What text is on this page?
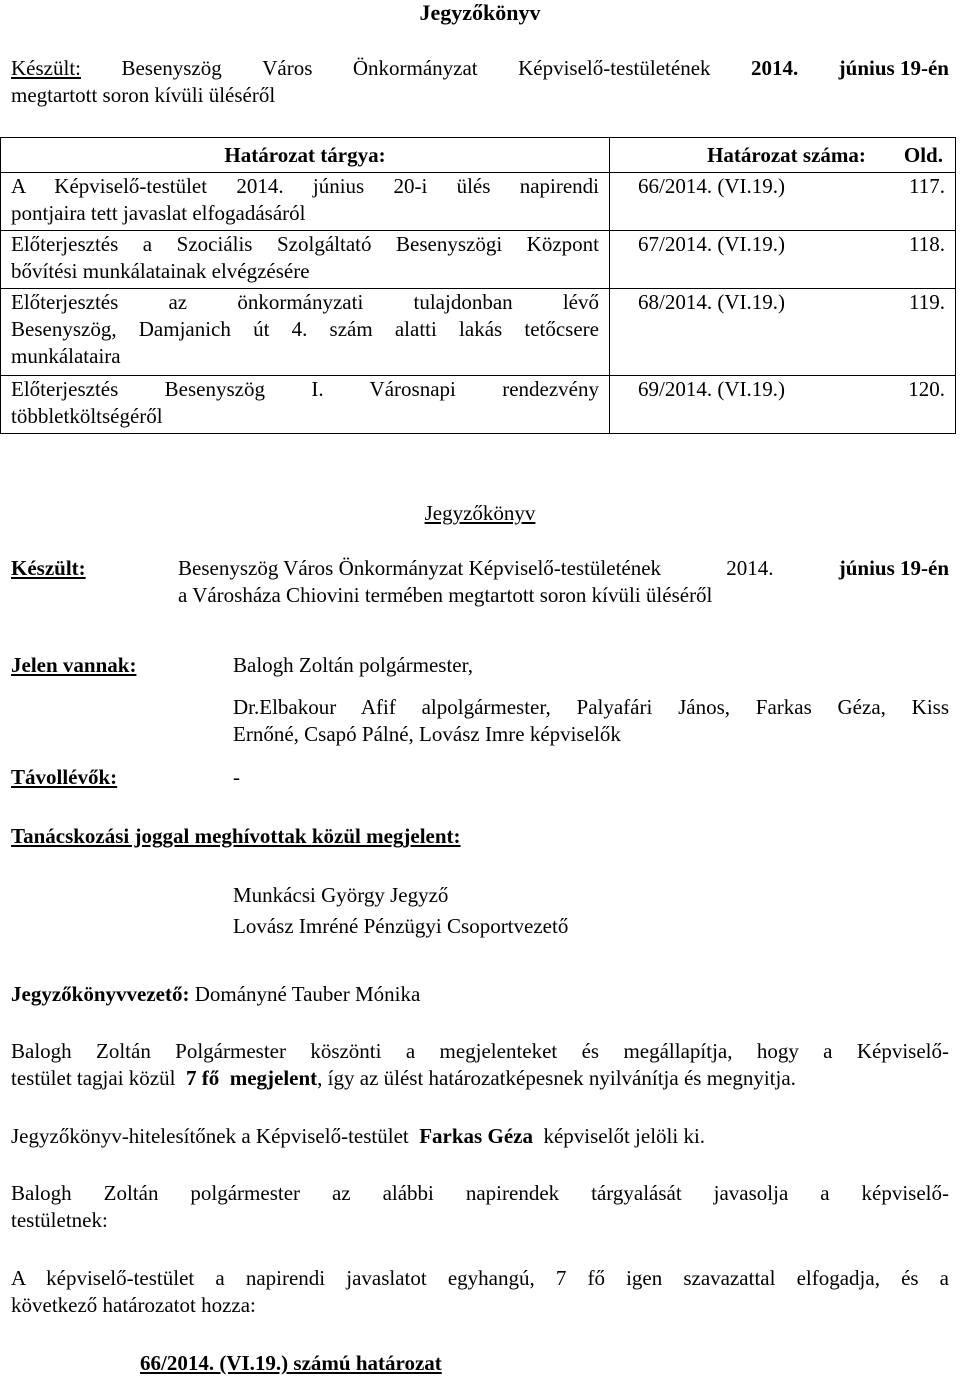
Jegyzőkönyv
Készült: Besenyszög Város Önkormányzat Képviselő-testületének 2014. június 19-én
megtartott soron kívüli üléséről
Határozat tárgya:	Határozat száma: Old.

A Képviselő-testület 2014. június 20-i ülés napirendi
pontjaira tett javaslat elfogadásáról	66/2014. (VI.19.) 117.

Előterjesztés a Szociális Szolgáltató Besenyszögi Központ
bővítési munkálatainak elvégzésére	67/2014. (VI.19.) 118.

Előterjesztés az önkormányzati tulajdonban lévő
Besenyszög, Damjanich út 4. szám alatti lakás tetőcsere
munkálataira	68/2014. (VI.19.) 119.

Előterjesztés Besenyszög I. Városnapi rendezvény
többletköltségéről	69/2014. (VI.19.) 120.
Jegyzőkönyv
Készült:	Besenyszög Város Önkormányzat Képviselő-testületének	2014.	június 19-én
a Városháza Chiovini termében megtartott soron kívüli üléséről
Jelen vannak:	Balogh Zoltán polgármester,
Dr.Elbakour Afif alpolgármester, Palyafári János, Farkas Géza, Kiss
Ernőné, Csapó Pálné, Lovász Imre képviselők
Távollévők:	-
Tanácskozási joggal meghívottak közül megjelent:
Munkácsi György Jegyző
Lovász Imréné Pénzügyi Csoportvezető
Jegyzőkönyvvezető: Dományné Tauber Mónika
Balogh Zoltán Polgármester köszönti a megjelenteket és megállapítja, hogy a Képviselő-
testület tagjai közül 7 fő megjelent, így az ülést határozatképesnek nyilvánítja és megnyitja.
Jegyzőkönyv-hitelesítőnek a Képviselő-testület Farkas Géza képviselőt jelöli ki.
Balogh Zoltán polgármester az alábbi napirendek tárgyalását javasolja a képviselő-
testületnek:
A képviselő-testület a napirendi javaslatot egyhangú, 7 fő igen szavazattal elfogadja, és a
következő határozatot hozza:
66/2014. (VI.19.) számú határozat
